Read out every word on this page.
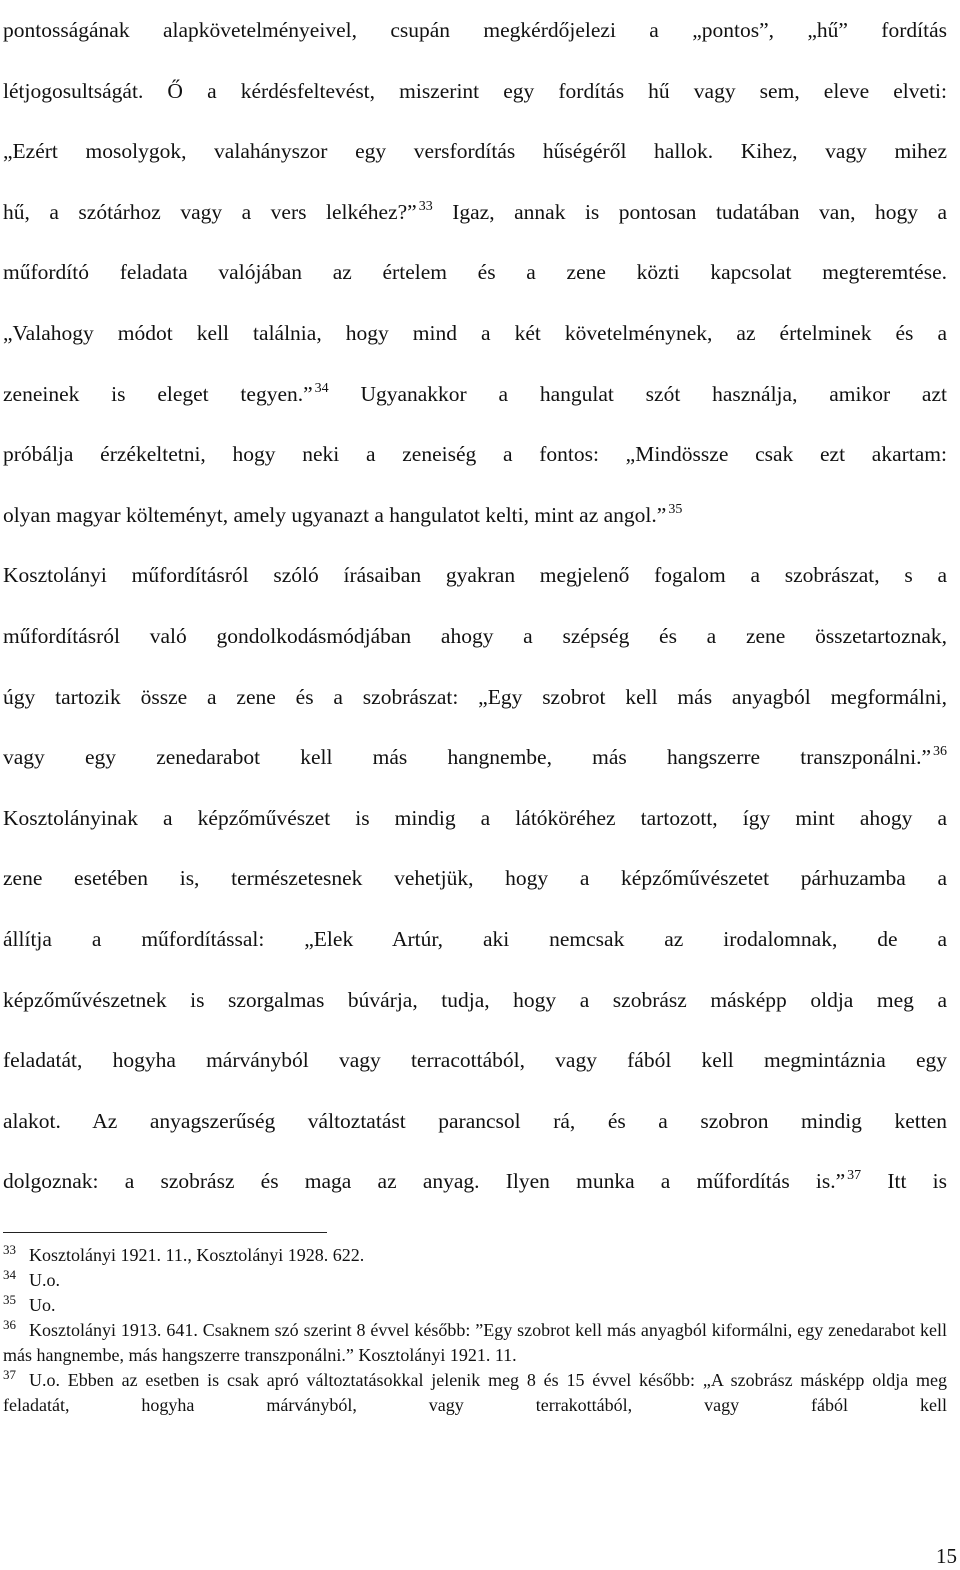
pontosságának alapkövetelményeivel, csupán megkérdőjelezi a „pontos”, „hű” fordítás
létjogosultságát. Ő a kérdésfeltevést, miszerint egy fordítás hű vagy sem, eleve elveti:
„Ezért mosolygok, valahányszor egy versfordítás hűségéről hallok. Kihez, vagy mihez
hű, a szótárhoz vagy a vers lelkéhez?” $^{33}$ Igaz, annak is pontosan tudatában van, hogy a
műfordító feladata valójában az értelem és a zene közti kapcsolat megteremtése.
„Valahogy módot kell találnia, hogy mind a két követelménynek, az értelminek és a
zeneinek is eleget tegyen.” $^{34}$ Ugyanakkor a hangulat szót használja, amikor azt
próbálja érzékeltetni, hogy neki a zeneiség a fontos: „Mindössze csak ezt akartam:
olyan magyar költeményt, amely ugyanazt a hangulatot kelti, mint az angol.” $^{35}$
Kosztolányi műfordításról szóló írásaiban gyakran megjelenő fogalom a szobrászat, s a
műfordításról való gondolkodásmódjában ahogy a szépség és a zene összetartoznak,
úgy tartozik össze a zene és a szobrászat: „Egy szobrot kell más anyagból megformálni,
vagy egy zenedarabot kell más hangnembe, más hangszerre transzponálni.” $^{36}$
Kosztolányinak a képzőművészet is mindig a látóköréhez tartozott, így mint ahogy a
zene esetében is, természetesnek vehetjük, hogy a képzőművészetet párhuzamba a
állítja a műfordítással: „Elek Artúr, aki nemcsak az irodalomnak, de a
képzőművészetnek is szorgalmas búvárja, tudja, hogy a szobrász másképp oldja meg a
feladatát, hogyha márványból vagy terracottából, vagy fából kell megmintáznia egy
alakot. Az anyagszerűség változtatást parancsol rá, és a szobron mindig ketten
dolgoznak: a szobrász és maga az anyag. Ilyen munka a műfordítás is.” $^{37}$ Itt is
$^{33}$ Kosztolányi 1921. 11., Kosztolányi 1928. 622.
$^{34}$ U.o.
$^{35}$ Uo.
$^{36}$ Kosztolányi 1913. 641. Csaknem szó szerint 8 évvel később: ”Egy szobrot kell más anyagból kiformálni, egy zenedarabot kell más hangnembe, más hangszerre transzponálni.” Kosztolányi 1921. 11.
$^{37}$ U.o. Ebben az esetben is csak apró változtatásokkal jelenik meg 8 és 15 évvel később: „A szobrász másképp oldja meg feladatát, hogyha márványból, vagy terrakottából, vagy fából kell
15
